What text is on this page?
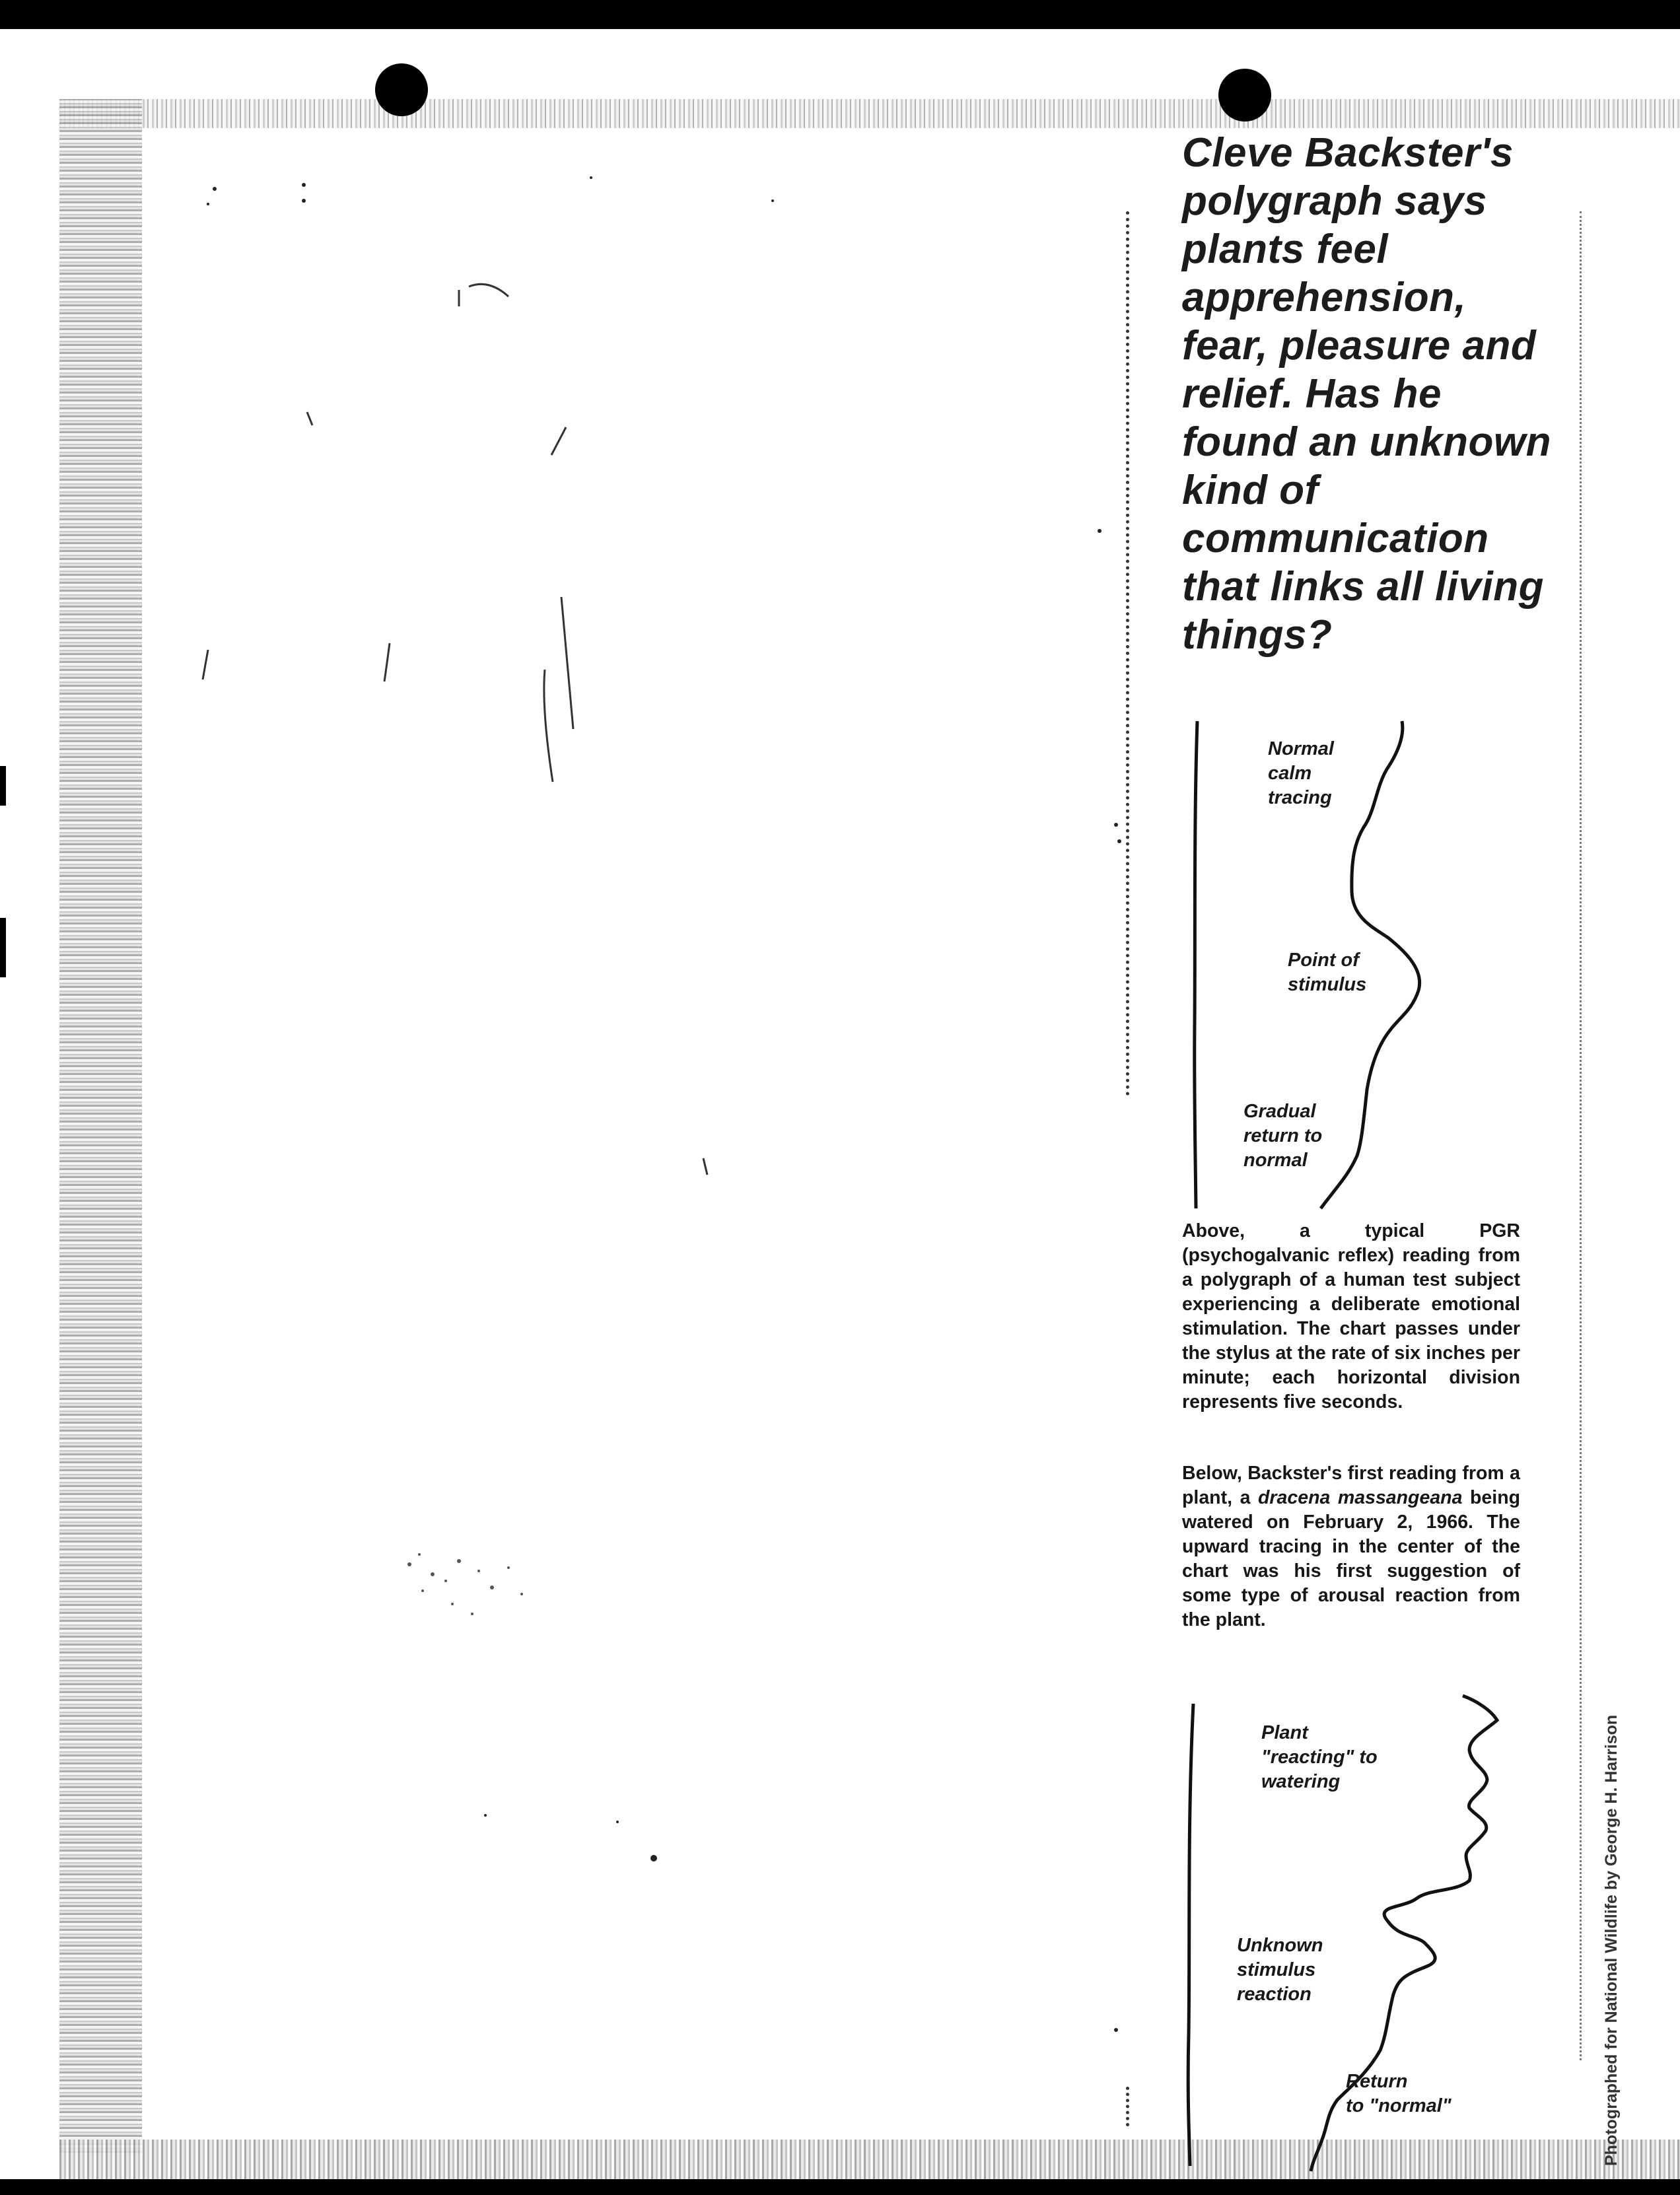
Cleve Backster's polygraph says plants feel apprehension, fear, pleasure and relief. Has he found an unknown kind of communication that links all living things?

Normal
calm
tracing

Point of
stimulus

Gradual
return to
normal

Above, a typical PGR (psychogalvanic reflex) reading from a polygraph of a human test subject experiencing a deliberate emotional stimulation. The chart passes under the stylus at the rate of six inches per minute; each horizontal division represents five seconds.

Below, Backster's first reading from a plant, a dracena massangeana being watered on February 2, 1966. The upward tracing in the center of the chart was his first suggestion of some type of arousal reaction from the plant.

Plant
"reacting" to
watering

Unknown
stimulus
reaction

Return
to "normal"	Photographed for National Wildlife by George H. Harrison
